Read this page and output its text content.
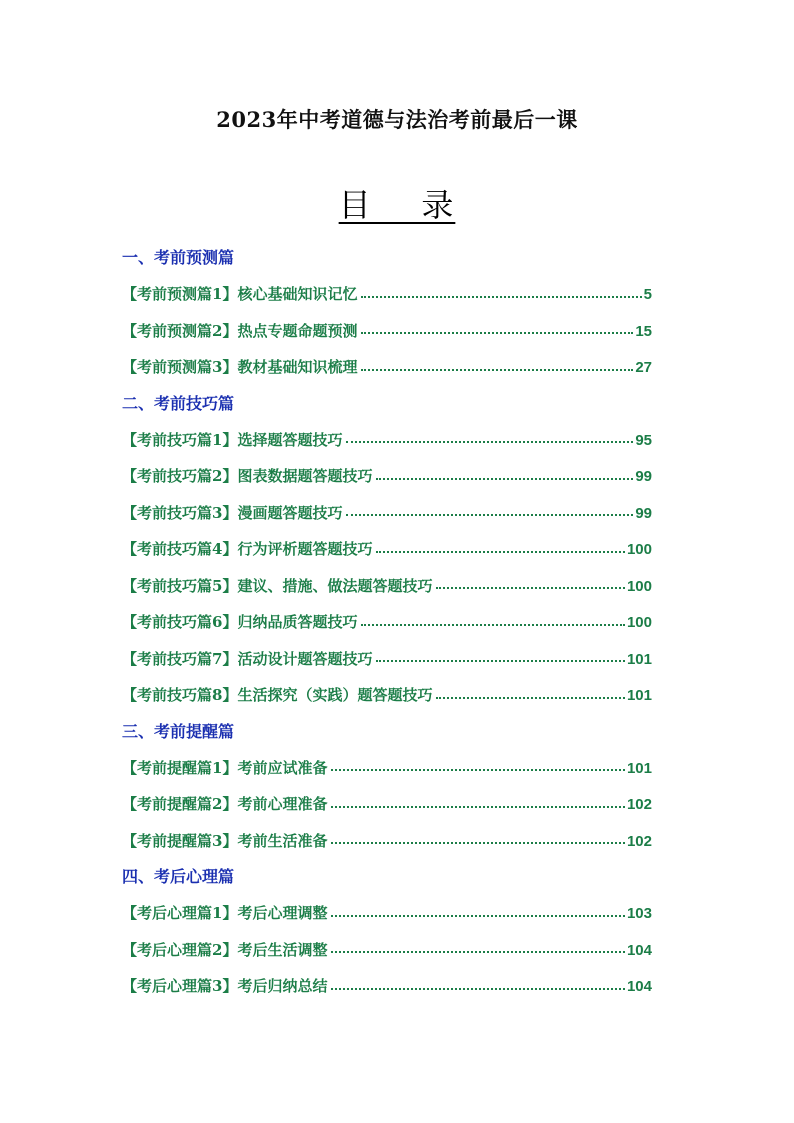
2023年中考道德与法治考前最后一课
目    录
一、考前预测篇
【考前预测篇1】核心基础知识记忆	5
【考前预测篇2】热点专题命题预测	15
【考前预测篇3】教材基础知识梳理	27
二、考前技巧篇
【考前技巧篇1】选择题答题技巧	95
【考前技巧篇2】图表数据题答题技巧	99
【考前技巧篇3】漫画题答题技巧	99
【考前技巧篇4】行为评析题答题技巧	100
【考前技巧篇5】建议、措施、做法题答题技巧	100
【考前技巧篇6】归纳品质答题技巧	100
【考前技巧篇7】活动设计题答题技巧	101
【考前技巧篇8】生活探究（实践）题答题技巧	101
三、考前提醒篇
【考前提醒篇1】考前应试准备	101
【考前提醒篇2】考前心理准备	102
【考前提醒篇3】考前生活准备	102
四、考后心理篇
【考后心理篇1】考后心理调整	103
【考后心理篇2】考后生活调整	104
【考后心理篇3】考后归纳总结	104
